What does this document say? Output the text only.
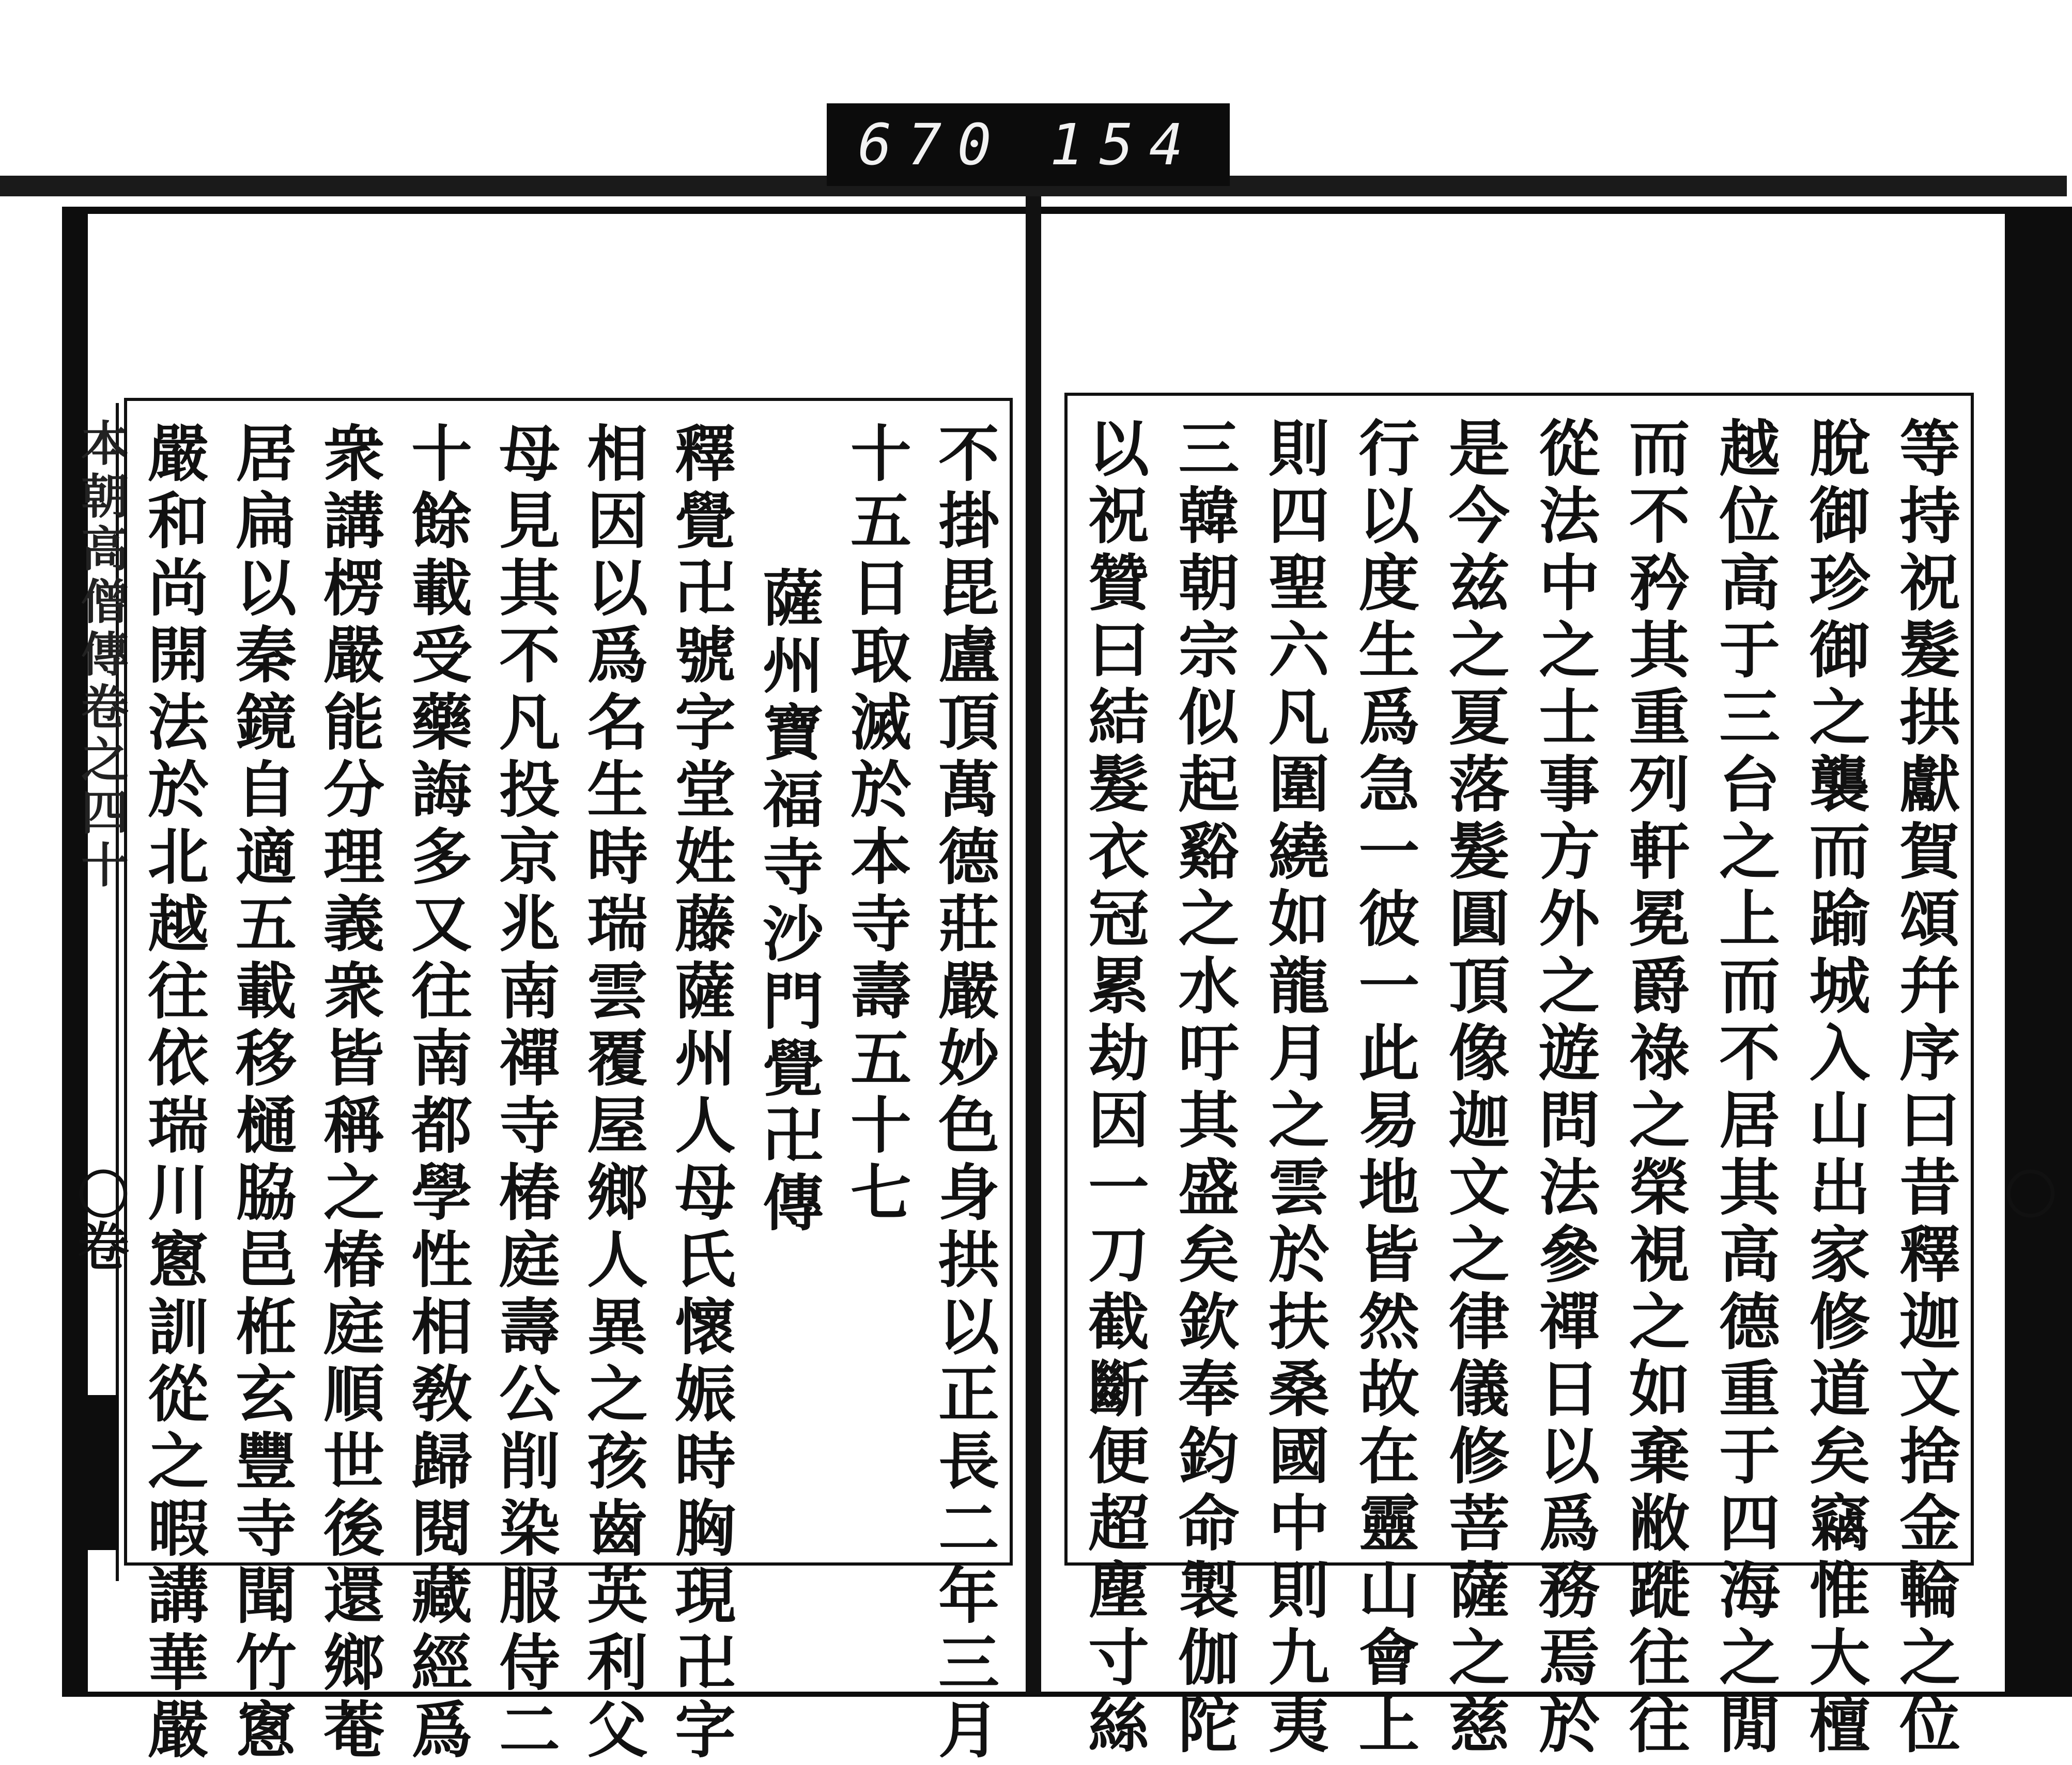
670 154
本朝高僧傳卷之四十	不掛毘盧頂萬德莊嚴妙色身拱以正長二年三月
十五日取滅於本寺壽五十七
薩州寶福寺沙門覺卍傳
釋覺卍號字堂姓藤薩州人母氏懷娠時胸現卍字
相因以爲名生時瑞雲覆屋鄉人異之孩齒英利父
母見其不凡投京兆南禪寺椿庭壽公削染服侍二
十餘載受藥誨多又往南都學性相敎歸閱藏經爲
衆講楞嚴能分理義衆皆稱之椿庭順世後還鄉菴
居扁以秦鏡自適五載移樋脇邑栣玄豐寺聞竹窻
嚴和尚開法於北越往依瑞川窻訓從之暇講華嚴	等持祝髮拱獻賀頌幷序曰昔釋迦文捨金輪之位
脫御珍御之襲而踰城入山出家修道矣竊惟大檀
越位高于三台之上而不居其高德重于四海之閒
而不矜其重列軒冕爵祿之榮視之如棄敝蹝往往
從法中之士事方外之遊問法參禪日以爲務焉於
是今兹之夏落髮圓頂像迦文之律儀修菩薩之慈
行以度生爲急一彼一此易地皆然故在靈山會上
則四聖六凡圍繞如龍月之雲於扶桑國中則九夷
三韓朝宗似起谿之水吁其盛矣欽奉鈞命製伽陀
以祝贊曰結髮衣冠累劫因一刀截斷便超塵寸絲
〇卷	〇
